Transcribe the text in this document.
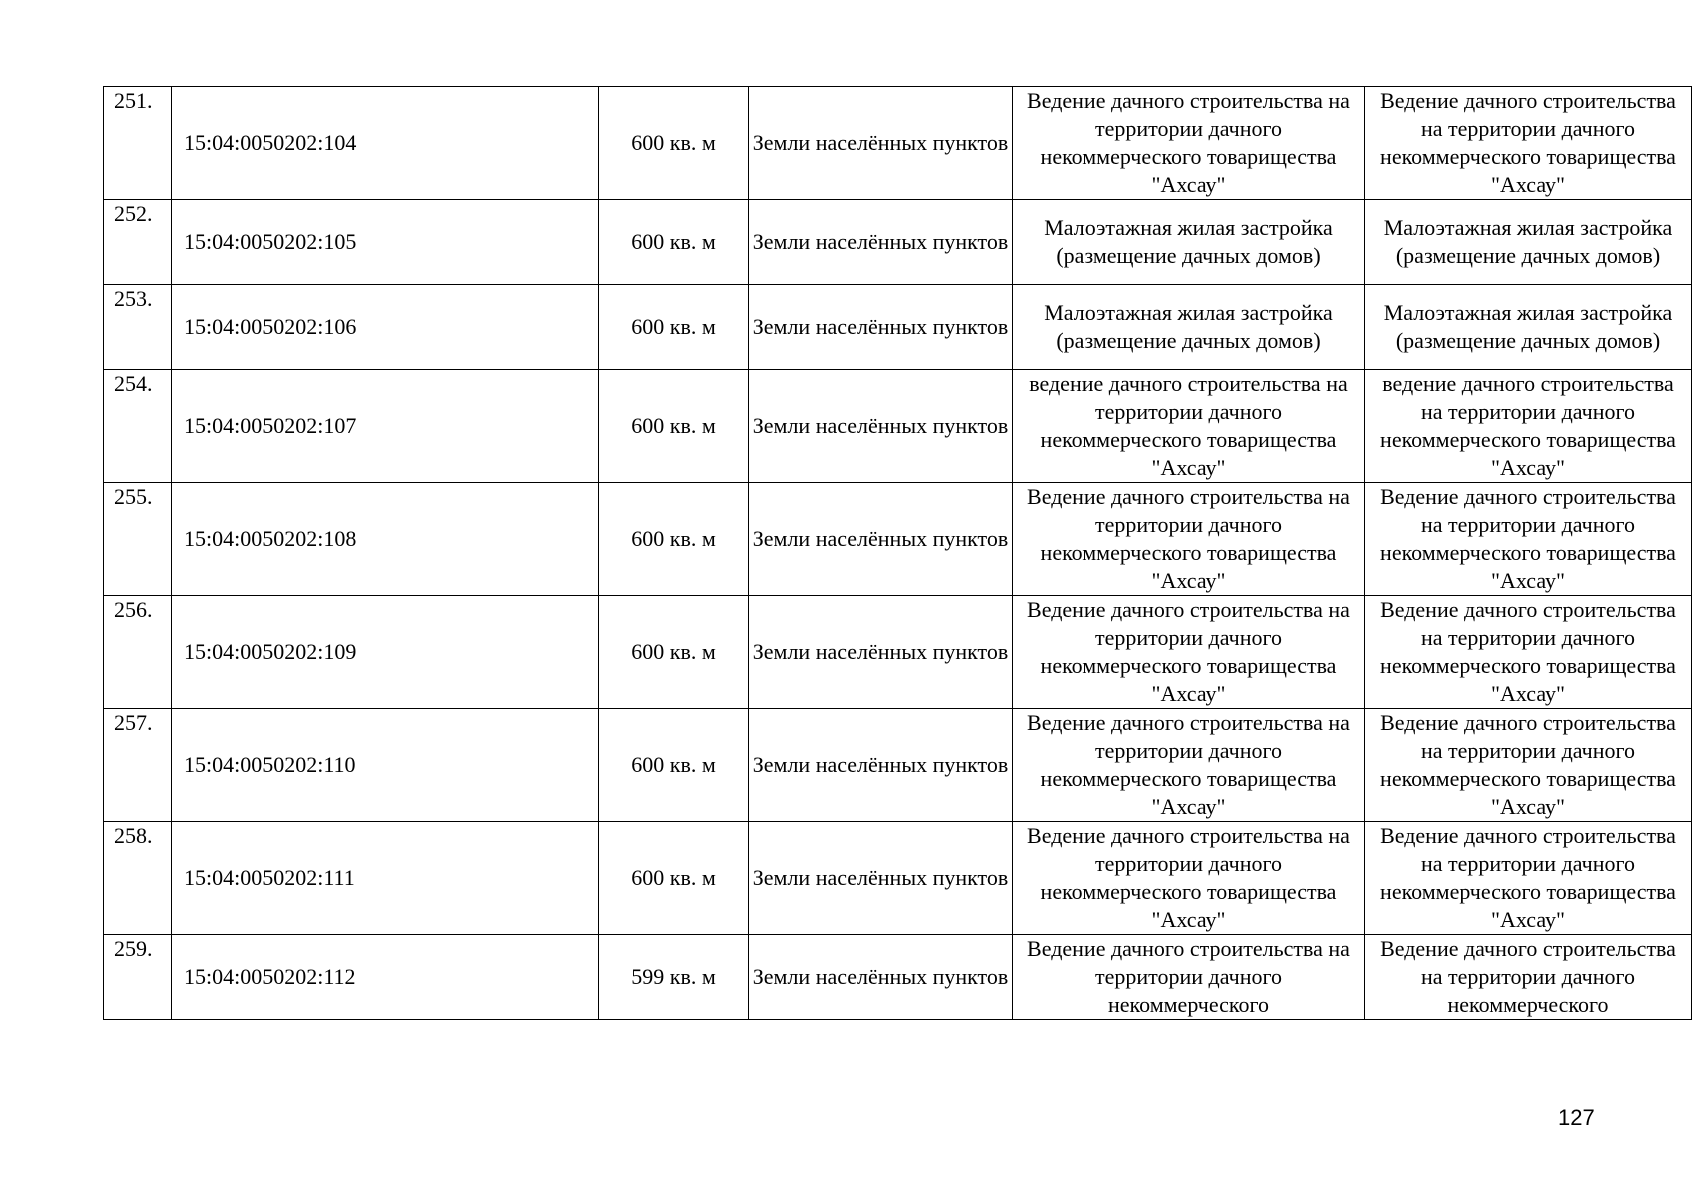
251.	15:04:0050202:104	600 кв. м	Земли населённых пунктов	Ведение дачного строительства на территории дачного некоммерческого товарищества "Ахсау"	Ведение дачного строительства на территории дачного некоммерческого товарищества "Ахсау"
252.	15:04:0050202:105	600 кв. м	Земли населённых пунктов	Малоэтажная жилая застройка (размещение дачных домов)	Малоэтажная жилая застройка (размещение дачных домов)
253.	15:04:0050202:106	600 кв. м	Земли населённых пунктов	Малоэтажная жилая застройка (размещение дачных домов)	Малоэтажная жилая застройка (размещение дачных домов)
254.	15:04:0050202:107	600 кв. м	Земли населённых пунктов	ведение дачного строительства на территории дачного некоммерческого товарищества "Ахсау"	ведение дачного строительства на территории дачного некоммерческого товарищества "Ахсау"
255.	15:04:0050202:108	600 кв. м	Земли населённых пунктов	Ведение дачного строительства на территории дачного некоммерческого товарищества "Ахсау"	Ведение дачного строительства на территории дачного некоммерческого товарищества "Ахсау"
256.	15:04:0050202:109	600 кв. м	Земли населённых пунктов	Ведение дачного строительства на территории дачного некоммерческого товарищества "Ахсау"	Ведение дачного строительства на территории дачного некоммерческого товарищества "Ахсау"
257.	15:04:0050202:110	600 кв. м	Земли населённых пунктов	Ведение дачного строительства на территории дачного некоммерческого товарищества "Ахсау"	Ведение дачного строительства на территории дачного некоммерческого товарищества "Ахсау"
258.	15:04:0050202:111	600 кв. м	Земли населённых пунктов	Ведение дачного строительства на территории дачного некоммерческого товарищества "Ахсау"	Ведение дачного строительства на территории дачного некоммерческого товарищества "Ахсау"
259.	15:04:0050202:112	599 кв. м	Земли населённых пунктов	Ведение дачного строительства на территории дачного некоммерческого	Ведение дачного строительства на территории дачного некоммерческого
127
